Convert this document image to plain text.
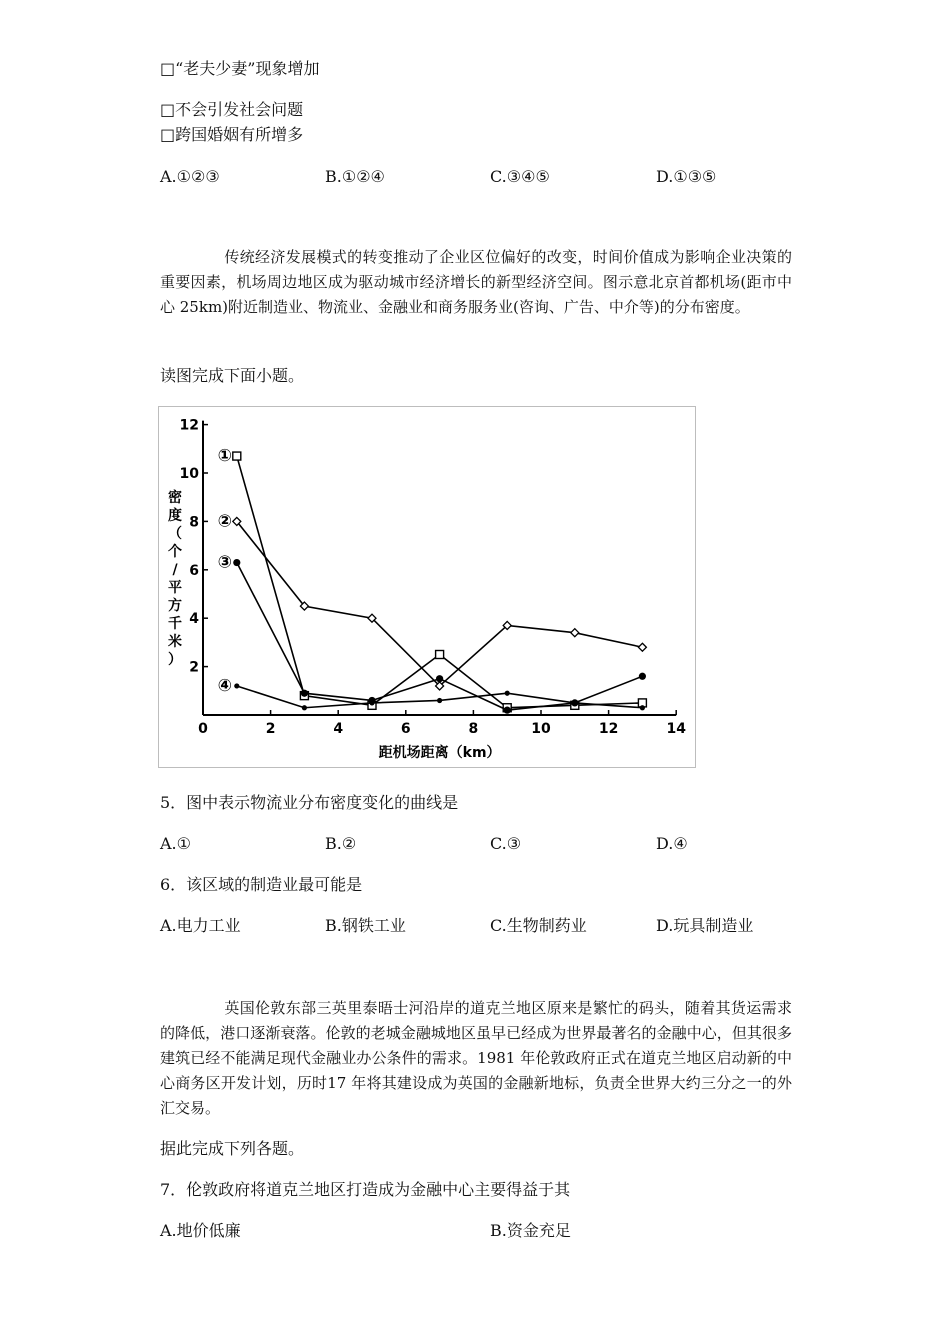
□“老夫少妻”现象增加
□不会引发社会问题
□跨国婚姻有所增多
A.①②③	B.①②④	C.③④⑤	D.①③⑤
传统经济发展模式的转变推动了企业区位偏好的改变，时间价值成为影响企业决策的重要因素，机场周边地区成为驱动城市经济增长的新型经济空间。图示意北京首都机场(距市中心 25km)附近制造业、物流业、金融业和商务服务业(咨询、广告、中介等)的分布密度。
读图完成下面小题。
0	2	4	6	8	10	12	14
2
4
6
8
10
12
距机场距离（km）
密度（个/平方千米）
①
②
③
④
5．图中表示物流业分布密度变化的曲线是
A.①	B.②	C.③	D.④
6．该区域的制造业最可能是
A.电力工业	B.钢铁工业	C.生物制药业	D.玩具制造业
英国伦敦东部三英里泰晤士河沿岸的道克兰地区原来是繁忙的码头，随着其货运需求的降低，港口逐渐衰落。伦敦的老城金融城地区虽早已经成为世界最著名的金融中心，但其很多建筑已经不能满足现代金融业办公条件的需求。1981 年伦敦政府正式在道克兰地区启动新的中心商务区开发计划，历时17 年将其建设成为英国的金融新地标，负责全世界大约三分之一的外汇交易。
据此完成下列各题。
7．伦敦政府将道克兰地区打造成为金融中心主要得益于其
A.地价低廉	B.资金充足
